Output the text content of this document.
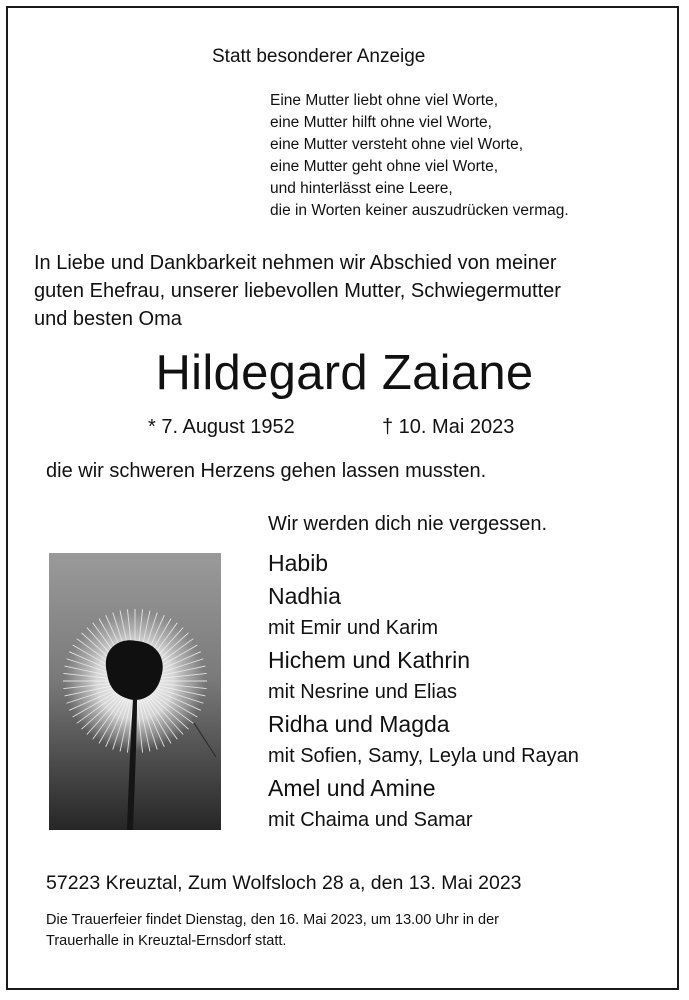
Statt besonderer Anzeige
Eine Mutter liebt ohne viel Worte,
eine Mutter hilft ohne viel Worte,
eine Mutter versteht ohne viel Worte,
eine Mutter geht ohne viel Worte,
und hinterlässt eine Leere,
die in Worten keiner auszudrücken vermag.
In Liebe und Dankbarkeit nehmen wir Abschied von meiner
guten Ehefrau, unserer liebevollen Mutter, Schwiegermutter
und besten Oma
Hildegard Zaiane
* 7. August 1952	† 10. Mai 2023
die wir schweren Herzens gehen lassen mussten.
Wir werden dich nie vergessen.
Habib
Nadhia
mit Emir und Karim
Hichem und Kathrin
mit Nesrine und Elias
Ridha und Magda
mit Sofien, Samy, Leyla und Rayan
Amel und Amine
mit Chaima und Samar
57223 Kreuztal, Zum Wolfsloch 28 a, den 13. Mai 2023
Die Trauerfeier findet Dienstag, den 16. Mai 2023, um 13.00 Uhr in der
Trauerhalle in Kreuztal-Ernsdorf statt.
